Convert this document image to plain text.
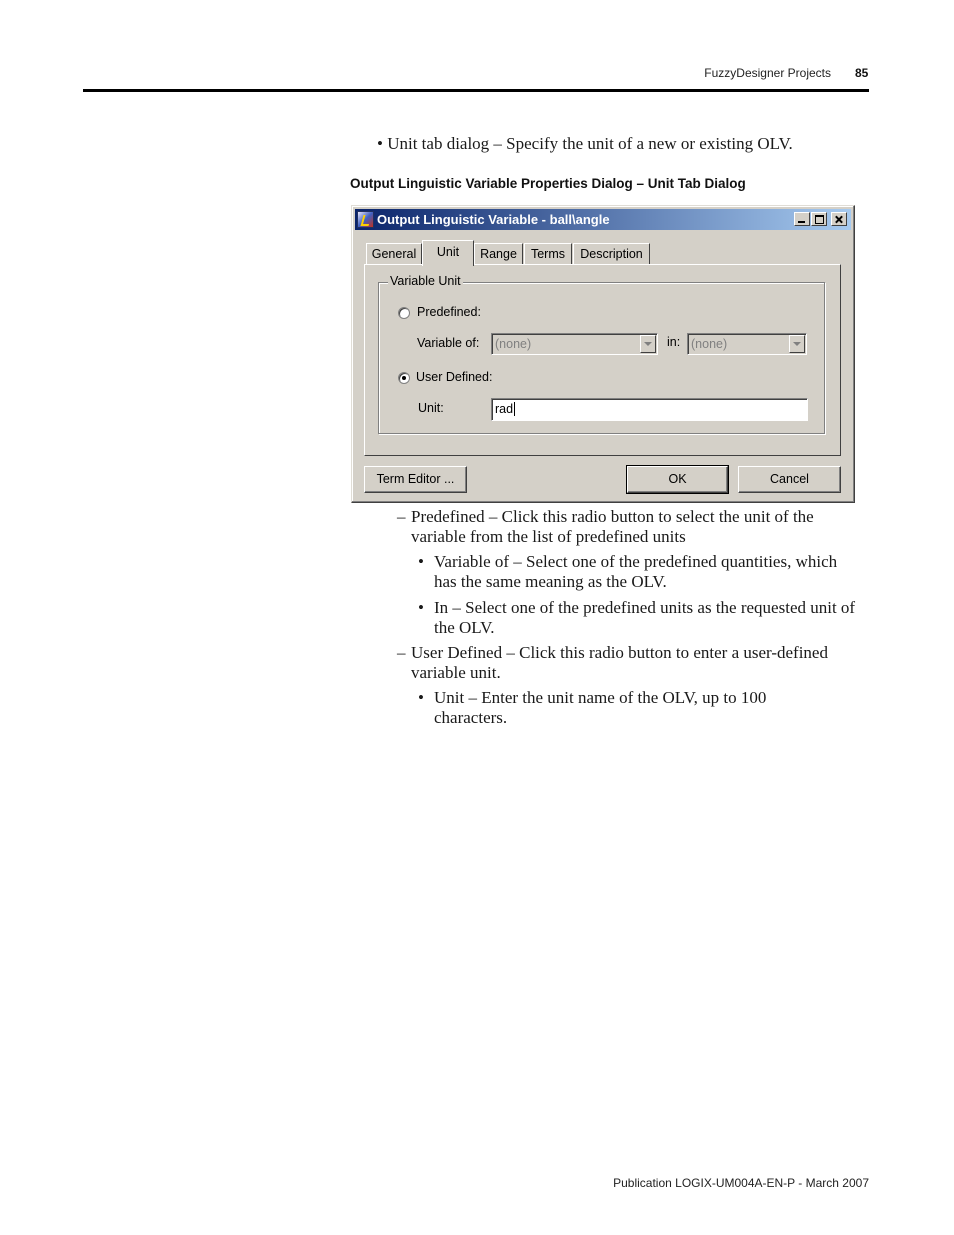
FuzzyDesigner Projects 85
• Unit tab dialog – Specify the unit of a new or existing OLV.
Output Linguistic Variable Properties Dialog – Unit Tab Dialog
Output Linguistic Variable - ball\angle
General	Unit	Range	Terms	Description
Variable Unit
Predefined:
Variable of: (none)	in: (none)
User Defined:
Unit:	rad
Term Editor ...	OK	Cancel
– Predefined – Click this radio button to select the unit of the variable from the list of predefined units
• Variable of – Select one of the predefined quantities, which has the same meaning as the OLV.
• In – Select one of the predefined units as the requested unit of the OLV.
– User Defined – Click this radio button to enter a user-defined variable unit.
• Unit – Enter the unit name of the OLV, up to 100 characters.
Publication LOGIX-UM004A-EN-P - March 2007
